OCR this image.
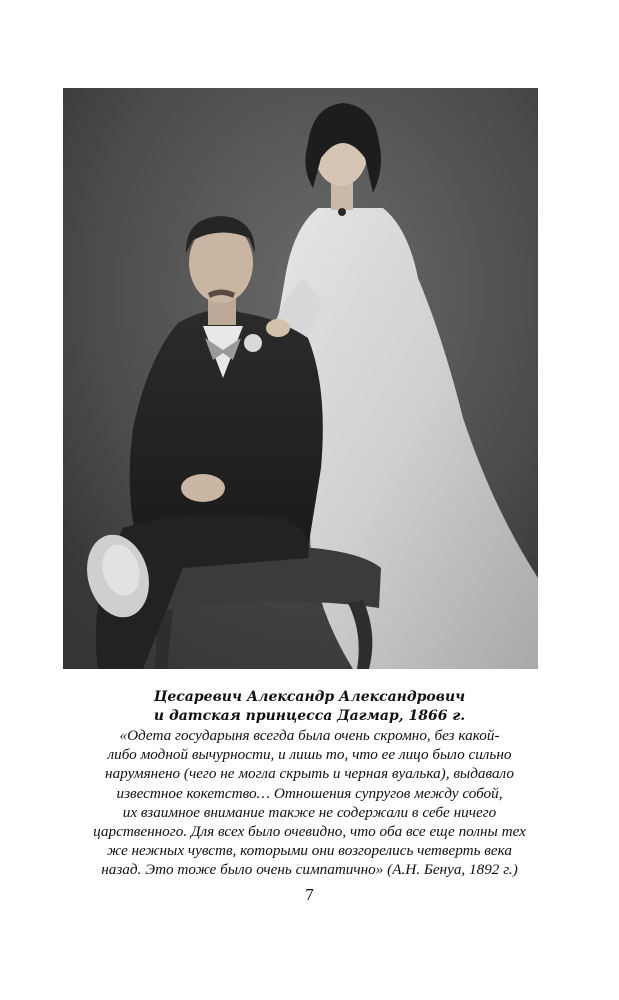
Цесаревич Александр Александрович
и датская принцесса Дагмар, 1866 г.

«Одета государыня всегда была очень скромно, без какой-
либо модной вычурности, и лишь то, что ее лицо было сильно
нарумянено (чего не могла скрыть и черная вуалька), выдавало
известное кокетство… Отношения супругов между собой,
их взаимное внимание также не содержали в себе ничего
царственного. Для всех было очевидно, что оба все еще полны тех
же нежных чувств, которыми они возгорелись четверть века
назад. Это тоже было очень симпатично» (А.Н. Бенуа, 1892 г.)

7
